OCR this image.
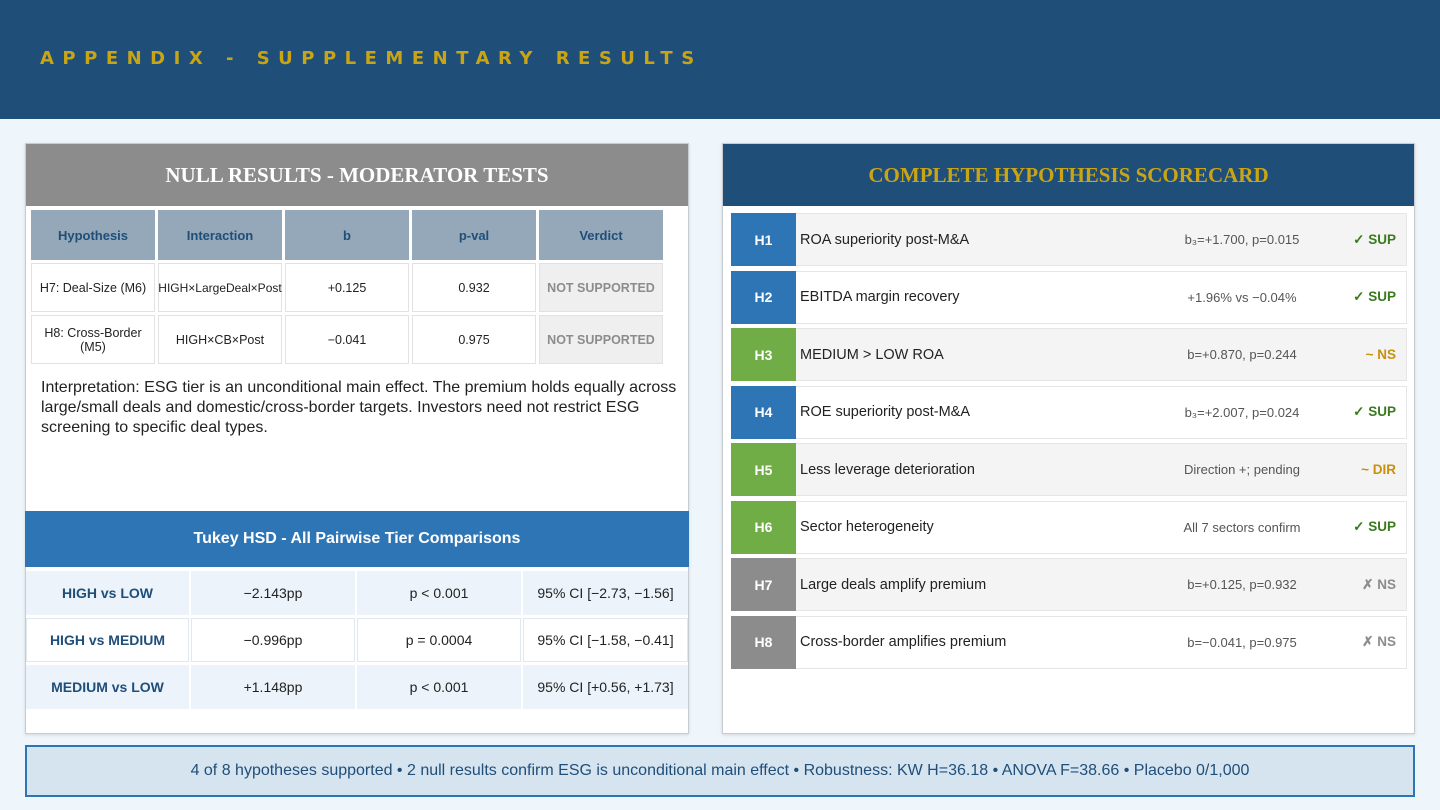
APPENDIX - SUPPLEMENTARY RESULTS
NULL RESULTS - MODERATOR TESTS
Hypothesis	Interaction	b	p-val	Verdict
H7: Deal-Size (M6)	HIGH×LargeDeal×Post	+0.125	0.932	NOT SUPPORTED
H8: Cross-Border (M5)	HIGH×CB×Post	−0.041	0.975	NOT SUPPORTED
Interpretation: ESG tier is an unconditional main effect. The premium holds equally across large/small deals and domestic/cross-border targets. Investors need not restrict ESG screening to specific deal types.
Tukey HSD - All Pairwise Tier Comparisons
HIGH vs LOW	−2.143pp	p < 0.001	95% CI [−2.73, −1.56]
HIGH vs MEDIUM	−0.996pp	p = 0.0004	95% CI [−1.58, −0.41]
MEDIUM vs LOW	+1.148pp	p < 0.001	95% CI [+0.56, +1.73]
COMPLETE HYPOTHESIS SCORECARD
H1	ROA superiority post-M&A	b₃=+1.700, p=0.015	✓ SUP
H2	EBITDA margin recovery	+1.96% vs −0.04%	✓ SUP
H3	MEDIUM > LOW ROA	b=+0.870, p=0.244	~ NS
H4	ROE superiority post-M&A	b₃=+2.007, p=0.024	✓ SUP
H5	Less leverage deterioration	Direction +; pending	~ DIR
H6	Sector heterogeneity	All 7 sectors confirm	✓ SUP
H7	Large deals amplify premium	b=+0.125, p=0.932	✗ NS
H8	Cross-border amplifies premium	b=−0.041, p=0.975	✗ NS
4 of 8 hypotheses supported • 2 null results confirm ESG is unconditional main effect • Robustness: KW H=36.18 • ANOVA F=38.66 • Placebo 0/1,000
